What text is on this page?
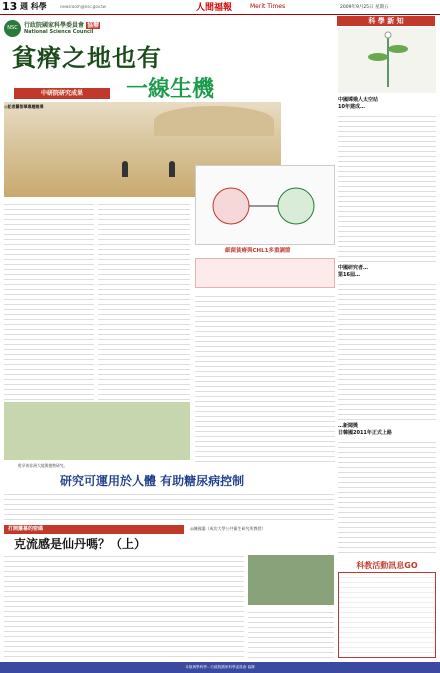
13 週 科學	newsroom@nsc.gov.tw	人間福報	Merit Times	2009年9月25日 星期五
NSC	行政院國家科學委員會 協辦
National Science Council
貧瘠之地也有
一線生機
中研院研究成果
◎記者羅智華專題報導
乾旱的非洲大地與植物研究。
細菌貧瘠與CHL1多重調節
研究可運用於人體 有助糖尿病控制
打開簾幕的密碼	◎陳國鴻（成功大學公共衛生研究所教授）
克流感是仙丹嗎？（上）
科 學 新 知
中國嫦娥人太空站
10年建成…
中國研究者…
第16屆…
…新聞獎
日韓國2011年正式上路
科教活動訊息GO
本版與學科學…行政院國家科學委員會 協辦
